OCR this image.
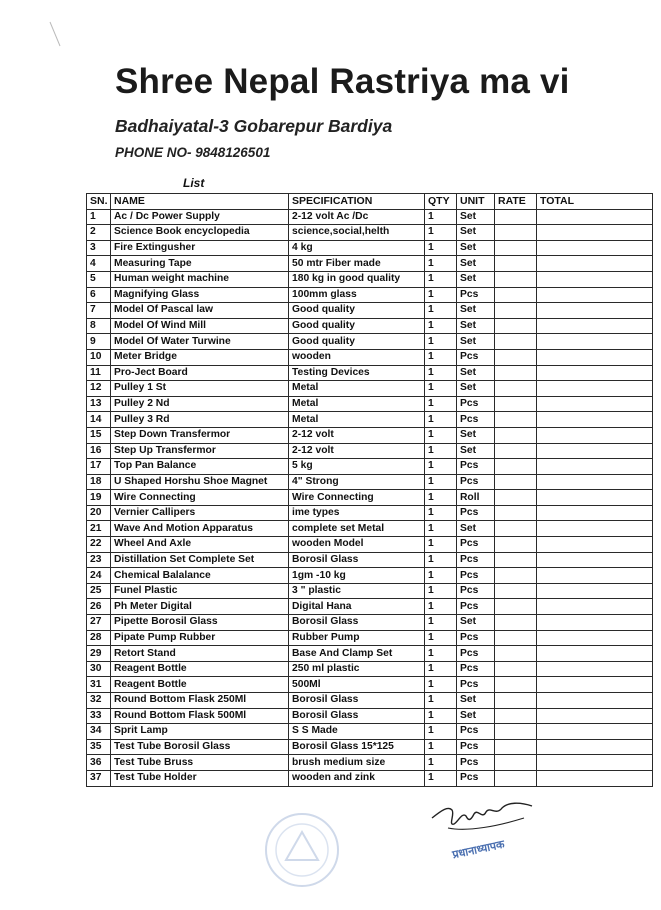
Shree Nepal Rastriya ma vi
Badhaiyatal-3 Gobarepur Bardiya
PHONE NO- 9848126501
List
SN.	NAME	SPECIFICATION	QTY	UNIT	RATE	TOTAL
1	Ac / Dc Power Supply	2-12 volt Ac /Dc	1	Set		
2	Science Book encyclopedia	science,social,helth	1	Set		
3	Fire Extingusher	4 kg	1	Set		
4	Measuring Tape	50 mtr Fiber made	1	Set		
5	Human weight machine	180 kg in good quality	1	Set		
6	Magnifying Glass	100mm glass	1	Pcs		
7	Model Of Pascal law	Good quality	1	Set		
8	Model Of Wind Mill	Good quality	1	Set		
9	Model Of Water Turwine	Good quality	1	Set		
10	Meter Bridge	wooden	1	Pcs		
11	Pro-Ject Board	Testing Devices	1	Set		
12	Pulley 1 St	Metal	1	Set		
13	Pulley 2 Nd	Metal	1	Pcs		
14	Pulley 3 Rd	Metal	1	Pcs		
15	Step Down Transfermor	2-12 volt	1	Set		
16	Step Up Transfermor	2-12 volt	1	Set		
17	Top Pan Balance	5 kg	1	Pcs		
18	U Shaped Horshu Shoe Magnet	4" Strong	1	Pcs		
19	Wire Connecting	Wire Connecting	1	Roll		
20	Vernier Callipers	ime types	1	Pcs		
21	Wave And Motion Apparatus	complete set Metal	1	Set		
22	Wheel And Axle	wooden Model	1	Pcs		
23	Distillation Set Complete Set	Borosil Glass	1	Pcs		
24	Chemical Balalance	1gm -10 kg	1	Pcs		
25	Funel Plastic	3 " plastic	1	Pcs		
26	Ph Meter Digital	Digital Hana	1	Pcs		
27	Pipette Borosil Glass	Borosil Glass	1	Set		
28	Pipate Pump Rubber	Rubber Pump	1	Pcs		
29	Retort Stand	Base And Clamp Set	1	Pcs		
30	Reagent Bottle	250 ml plastic	1	Pcs		
31	Reagent Bottle	500Ml	1	Pcs		
32	Round Bottom Flask 250Ml	Borosil Glass	1	Set		
33	Round Bottom Flask 500Ml	Borosil Glass	1	Set		
34	Sprit Lamp	S S Made	1	Pcs		
35	Test Tube Borosil Glass	Borosil Glass 15*125	1	Pcs		
36	Test Tube Bruss	brush medium size	1	Pcs		
37	Test Tube Holder	wooden and zink	1	Pcs		
प्रधानाध्यापक
